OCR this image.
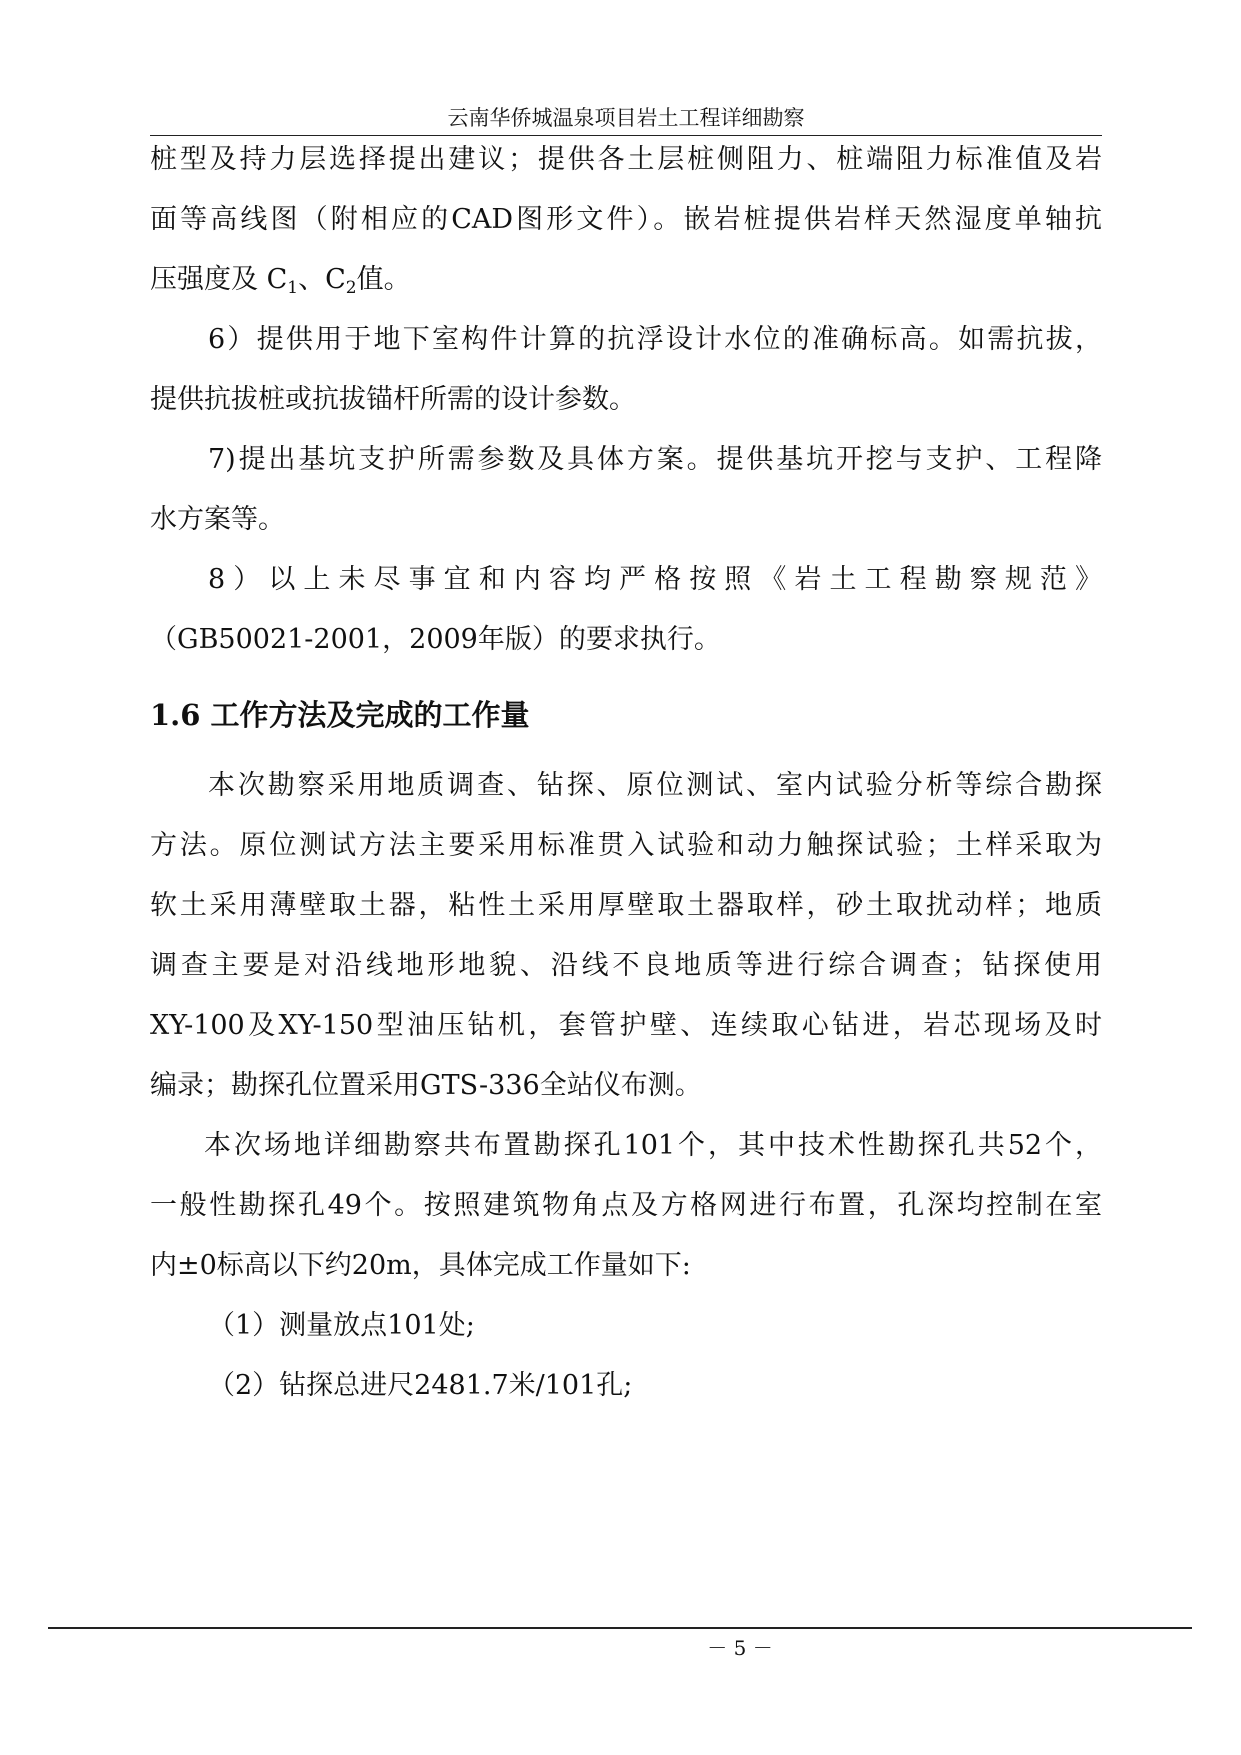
云南华侨城温泉项目岩土工程详细勘察
桩型及持力层选择提出建议；提供各土层桩侧阻力、桩端阻力标准值及岩
面等高线图（附相应的CAD图形文件）。嵌岩桩提供岩样天然湿度单轴抗
压强度及 $C_1$、$C_2$值。
6）提供用于地下室构件计算的抗浮设计水位的准确标高。如需抗拔，
提供抗拔桩或抗拔锚杆所需的设计参数。
7)提出基坑支护所需参数及具体方案。提供基坑开挖与支护、工程降
水方案等。
8）以上未尽事宜和内容均严格按照《岩土工程勘察规范》
（GB50021-2001，2009年版）的要求执行。
1.6 工作方法及完成的工作量
本次勘察采用地质调查、钻探、原位测试、室内试验分析等综合勘探
方法。原位测试方法主要采用标准贯入试验和动力触探试验；土样采取为
软土采用薄壁取土器，粘性土采用厚壁取土器取样，砂土取扰动样；地质
调查主要是对沿线地形地貌、沿线不良地质等进行综合调查；钻探使用
XY-100及XY-150型油压钻机，套管护壁、连续取心钻进，岩芯现场及时
编录；勘探孔位置采用GTS-336全站仪布测。
本次场地详细勘察共布置勘探孔101个，其中技术性勘探孔共52个，
一般性勘探孔49个。按照建筑物角点及方格网进行布置，孔深均控制在室
内±0标高以下约20m，具体完成工作量如下:
（1）测量放点101处;
（2）钻探总进尺2481.7米/101孔;
－ 5 －
